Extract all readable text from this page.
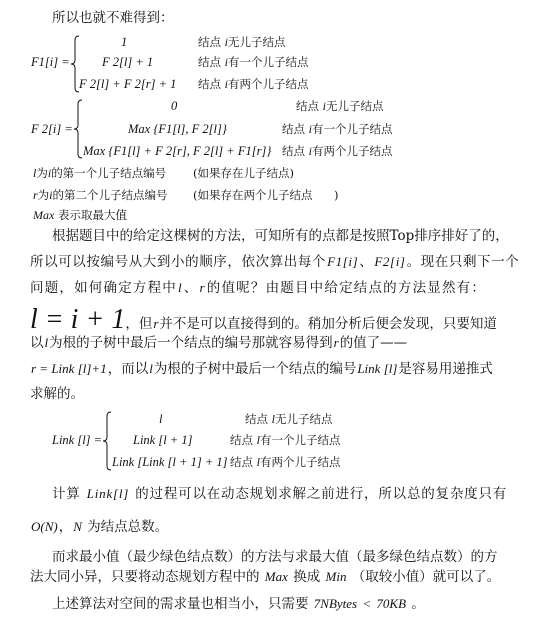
所以也就不难得到：
F1[i] =
1	结点 i无儿子结点
F 2[l] + 1	结点 i有一个儿子结点
F 2[l] + F 2[r] + 1 结点 i有两个儿子结点
F 2[i] =
0	结点 i无儿子结点
Max {F1[l], F 2[l]}	结点 i有一个儿子结点
Max {F1[l] + F 2[r], F 2[l] + F1[r]} 结点 i有两个儿子结点
l为i的第一个儿子结点编号 (如果存在儿子结点)
r为i的第二个儿子结点编号 (如果存在两个儿子结点 )
Max 表示取最大值
根据题目中的给定这棵树的方法，可知所有的点都是按照Top排序排好了的，
所以可以按编号从大到小的顺序，依次算出每个F1[i]、F2[i]。现在只剩下一个
问题，如何确定方程中l、r的值呢？由题目中给定结点的方法显然有：
l = i + 1，但r并不是可以直接得到的。稍加分析后便会发现，只要知道
以l为根的子树中最后一个结点的编号那就容易得到r的值了——
r = Link [l]+1，而以l为根的子树中最后一个结点的编号Link [l]是容易用递推式
求解的。
Link [l] =
l	结点 l无儿子结点
Link [l + 1]	结点 l有一个儿子结点
Link [Link [l + 1] + 1] 结点 l有两个儿子结点
计算 Link[l] 的过程可以在动态规划求解之前进行，所以总的复杂度只有
O(N)，N 为结点总数。
而求最小值（最少绿色结点数）的方法与求最大值（最多绿色结点数）的方
法大同小异，只要将动态规划方程中的 Max 换成 Min （取较小值）就可以了。
上述算法对空间的需求量也相当小，只需要 7NBytes < 70KB 。
